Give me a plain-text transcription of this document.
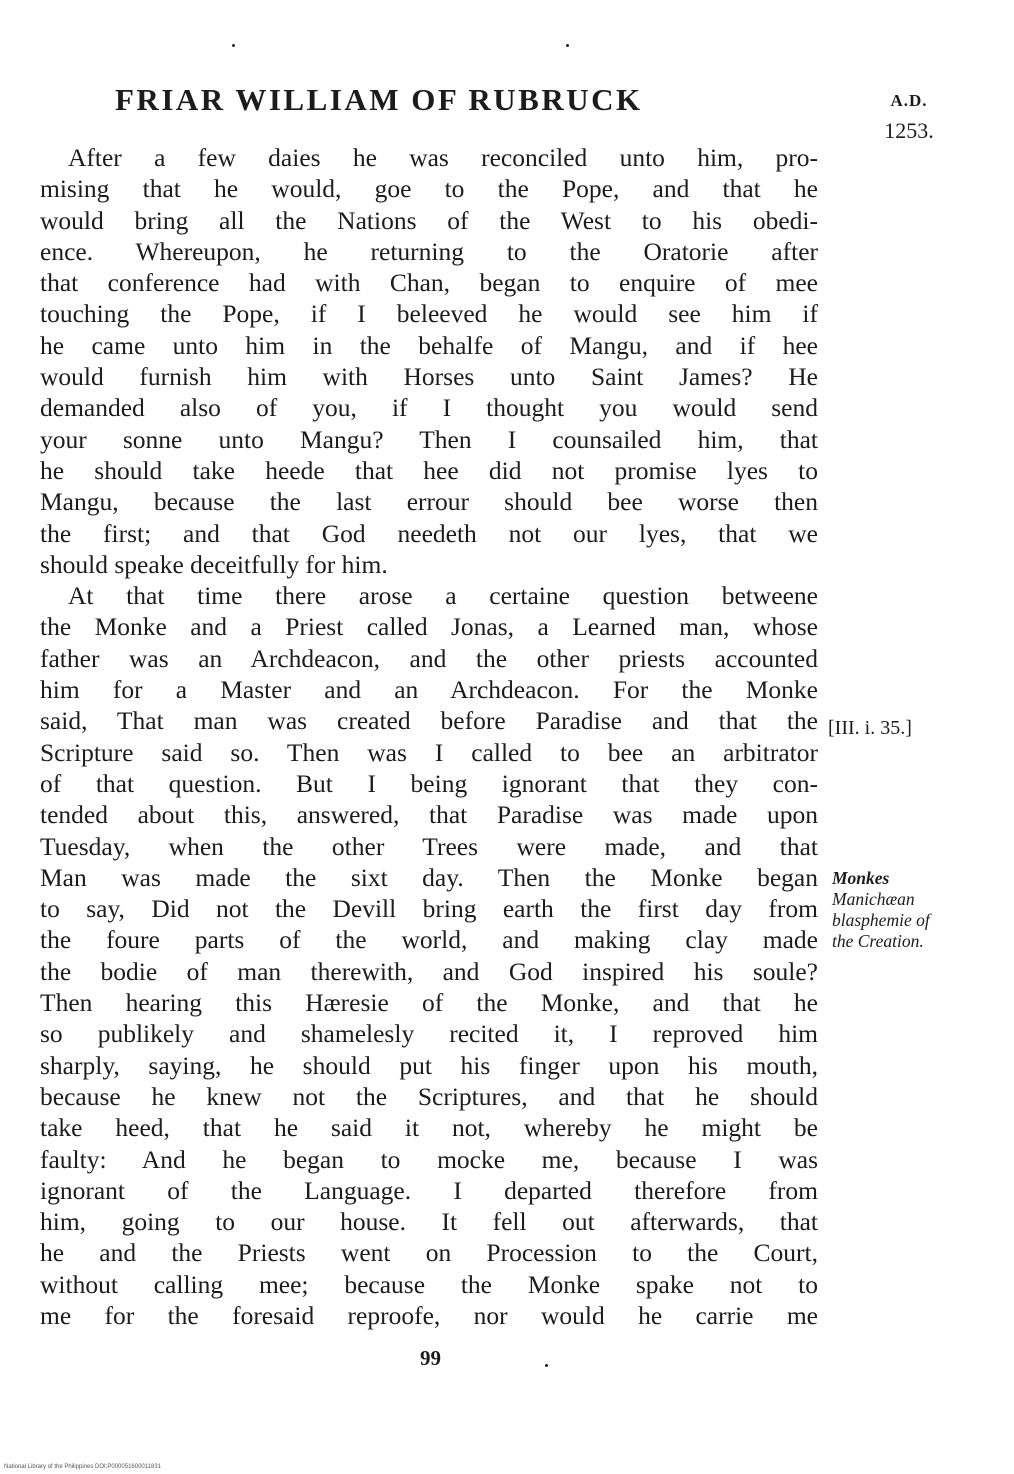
FRIAR WILLIAM OF RUBRUCK	A.D.
1253.

After a few daies he was reconciled unto him, pro-
mising that he would, goe to the Pope, and that he
would bring all the Nations of the West to his obedi-
ence. Whereupon, he returning to the Oratorie after
that conference had with Chan, began to enquire of mee
touching the Pope, if I beleeved he would see him if
he came unto him in the behalfe of Mangu, and if hee
would furnish him with Horses unto Saint James? He
demanded also of you, if I thought you would send
your sonne unto Mangu? Then I counsailed him, that
he should take heede that hee did not promise lyes to
Mangu, because the last errour should bee worse then
the first; and that God needeth not our lyes, that we
should speake deceitfully for him.

At that time there arose a certaine question betweene
the Monke and a Priest called Jonas, a Learned man, whose
father was an Archdeacon, and the other priests accounted
him for a Master and an Archdeacon. For the Monke
said, That man was created before Paradise and that the
Scripture said so. Then was I called to bee an arbitrator
of that question. But I being ignorant that they con-
tended about this, answered, that Paradise was made upon
Tuesday, when the other Trees were made, and that
Man was made the sixt day. Then the Monke began
to say, Did not the Devill bring earth the first day from
the foure parts of the world, and making clay made
the bodie of man therewith, and God inspired his soule?
Then hearing this Hæresie of the Monke, and that he
so publikely and shamelesly recited it, I reproved him
sharply, saying, he should put his finger upon his mouth,
because he knew not the Scriptures, and that he should
take heed, that he said it not, whereby he might be
faulty: And he began to mocke me, because I was
ignorant of the Language. I departed therefore from
him, going to our house. It fell out afterwards, that
he and the Priests went on Procession to the Court,
without calling mee; because the Monke spake not to
me for the foresaid reproofe, nor would he carrie me

[III. i. 35.]
Monkes
Manichæan
blasphemie of
the Creation.
99
National Library of the Philippines DOI:P000051600011831
